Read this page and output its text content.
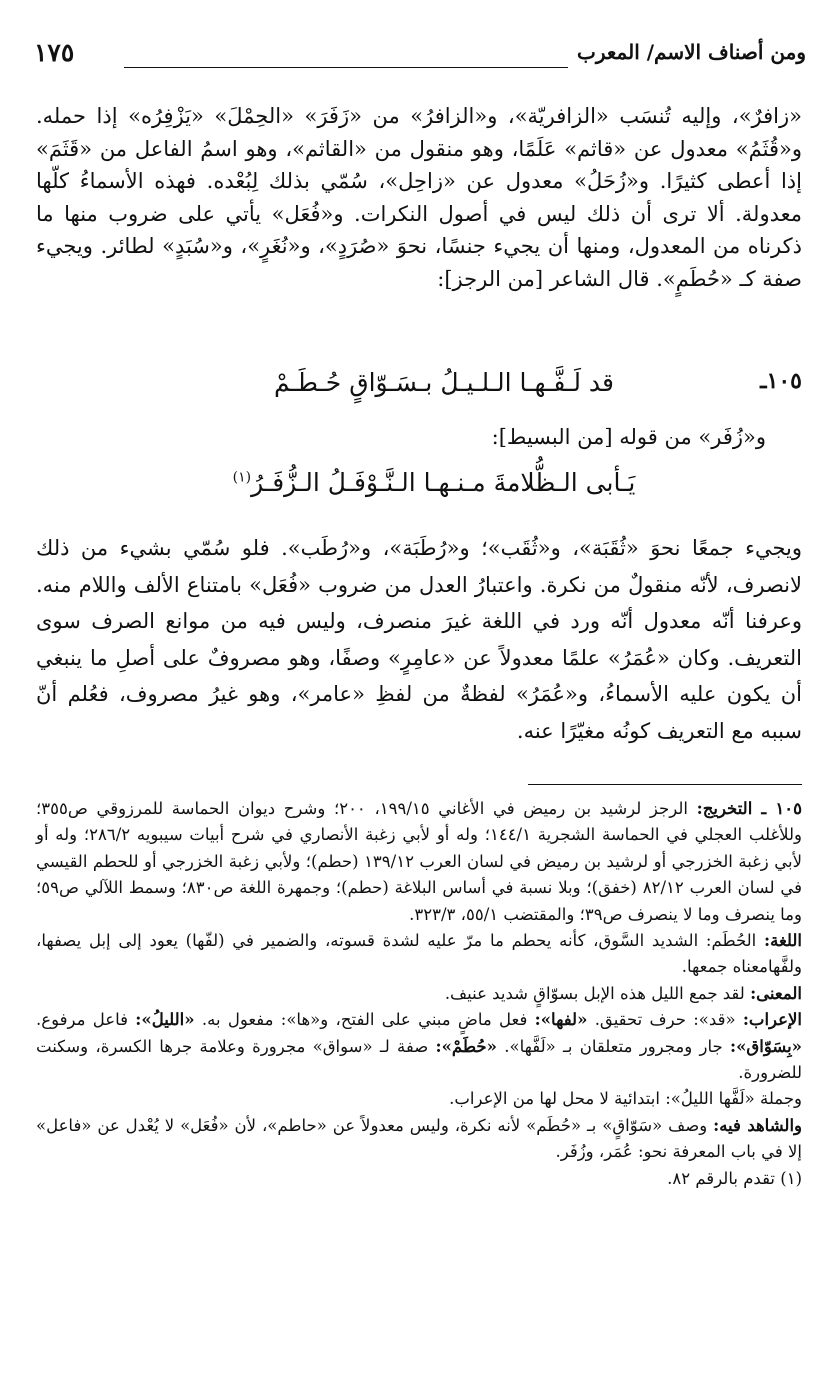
١٧٥	ومن أصناف الاسم/ المعرب

«زافرٌ»، وإليه تُنسَب «الزافريّة»، و«الزافرُ» من «زَفَرَ» «الحِمْلَ» «يَزْفِرُه» إذا حمله. و«قُثَمُ» معدول عن «قاثم» عَلَمًا، وهو منقول من «القاثم»، وهو اسمُ الفاعل من «قَثَمَ» إذا أعطى كثيرًا. و«زُحَلُ» معدول عن «زاحِل»، سُمّي بذلك لِبُعْده. فهذه الأسماءُ كلّها معدولة. ألا ترى أن ذلك ليس في أصول النكرات. و«فُعَل» يأتي على ضروب منها ما ذكرناه من المعدول، ومنها أن يجيء جنسًا، نحوَ «صُرَدٍ»، و«نُغَرٍ»، و«سُبَدٍ» لطائر. ويجيء صفة كـ «حُطَمٍ». قال الشاعر [من الرجز]:

١٠٥ـ
قد لَـفَّـهـا الـلـيـلُ بـسَـوّاقٍ حُـطَـمْ
و«زُفَر» من قوله [من البسيط]:
يَـأبى الـظُّلامةَ مـنـهـا الـنَّـوْفَـلُ الـزُّفَـرُ$^{(١)}$

ويجيء جمعًا نحوَ «ثُقَبَة»، و«ثُقَب»؛ و«رُطَبَة»، و«رُطَب». فلو سُمّي بشيء من ذلك لانصرف، لأنّه منقولٌ من نكرة. واعتبارُ العدل من ضروب «فُعَل» بامتناع الألف واللام منه. وعرفنا أنّه معدول أنّه ورد في اللغة غيرَ منصرف، وليس فيه من موانع الصرف سوى التعريف. وكان «عُمَرُ» علمًا معدولاً عن «عامِرٍ» وصفًا، وهو مصروفٌ على أصلِ ما ينبغي أن يكون عليه الأسماءُ، و«عُمَرُ» لفظةٌ من لفظِ «عامر»، وهو غيرُ مصروف، فعُلم أنّ سببه مع التعريف كونُه مغيّرًا عنه.

١٠٥ ـ التخريج: الرجز لرشيد بن رميض في الأغاني ١٩٩/١٥، ٢٠٠؛ وشرح ديوان الحماسة للمرزوقي ص٣٥٥؛ وللأغلب العجلي في الحماسة الشجرية ١٤٤/١؛ وله أو لأبي زغبة الأنصاري في شرح أبيات سيبويه ٢٨٦/٢؛ وله أو لأبي زغبة الخزرجي أو لرشيد بن رميض في لسان العرب ١٣٩/١٢ (حطم)؛ ولأبي زغبة الخزرجي أو للحطم القيسي في لسان العرب ٨٢/١٢ (خفق)؛ وبلا نسبة في أساس البلاغة (حطم)؛ وجمهرة اللغة ص٨٣٠؛ وسمط اللآلي ص٥٩؛ وما ينصرف وما لا ينصرف ص٣٩؛ والمقتضب ٥٥/١، ٣٢٣/٣.

اللغة: الحُطَم: الشديد السَّوق، كأنه يحطم ما مرّ عليه لشدة قسوته، والضمير في (لفّها) يعود إلى إبل يصفها، ولفَّهامعناه جمعها.

المعنى: لقد جمع الليل هذه الإبل بسوّاقٍ شديد عنيف.

الإعراب: «قد»: حرف تحقيق. «لفها»: فعل ماضٍ مبني على الفتح، و«ها»: مفعول به. «الليلُ»: فاعل مرفوع. «بِسَوّاق»: جار ومجرور متعلقان بـ «لَفَّها». «حُطَمْ»: صفة لـ «سواق» مجرورة وعلامة جرها الكسرة، وسكنت للضرورة.

وجملة «لَفَّها الليلُ»: ابتدائية لا محل لها من الإعراب.

والشاهد فيه: وصف «سَوّاقٍ» بـ «حُطَم» لأنه نكرة، وليس معدولاً عن «حاطم»، لأن «فُعَل» لا يُعْدل عن «فاعل» إلا في باب المعرفة نحو: عُمَر، وزُفَر.

(١) تقدم بالرقم ٨٢.
